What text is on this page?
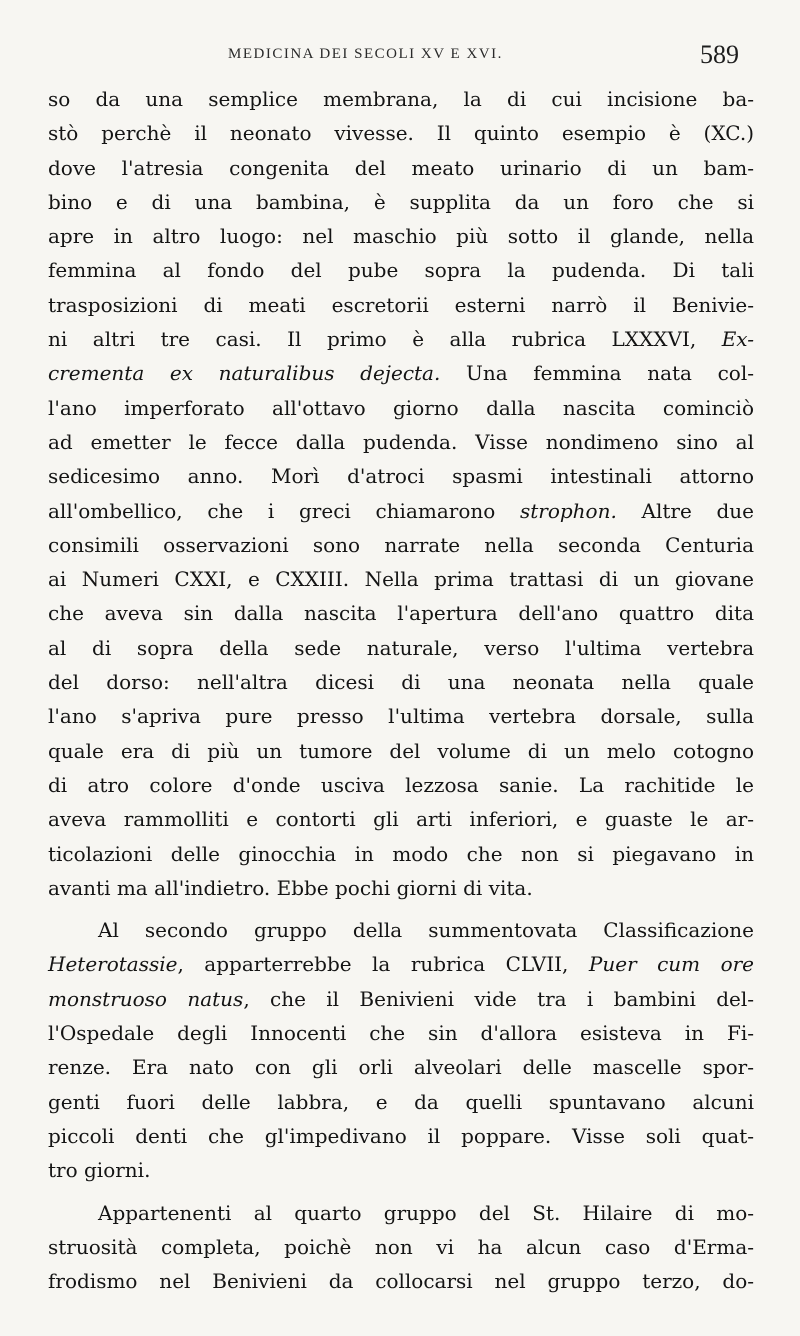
MEDICINA DEI SECOLI XV E XVI.	589
so da una semplice membrana, la di cui incisione ba-
stò perchè il neonato vivesse. Il quinto esempio è (XC.)
dove l'atresia congenita del meato urinario di un bam-
bino e di una bambina, è supplita da un foro che si
apre in altro luogo: nel maschio più sotto il glande, nella
femmina al fondo del pube sopra la pudenda. Di tali
trasposizioni di meati escretorii esterni narrò il Benivie-
ni altri tre casi. Il primo è alla rubrica LXXXVI, Ex-
crementa ex naturalibus dejecta. Una femmina nata col-
l'ano imperforato all'ottavo giorno dalla nascita cominciò
ad emetter le fecce dalla pudenda. Visse nondimeno sino al
sedicesimo anno. Morì d'atroci spasmi intestinali attorno
all'ombellico, che i greci chiamarono strophon. Altre due
consimili osservazioni sono narrate nella seconda Centuria
ai Numeri CXXI, e CXXIII. Nella prima trattasi di un giovane
che aveva sin dalla nascita l'apertura dell'ano quattro dita
al di sopra della sede naturale, verso l'ultima vertebra
del dorso: nell'altra dicesi di una neonata nella quale
l'ano s'apriva pure presso l'ultima vertebra dorsale, sulla
quale era di più un tumore del volume di un melo cotogno
di atro colore d'onde usciva lezzosa sanie. La rachitide le
aveva rammolliti e contorti gli arti inferiori, e guaste le ar-
ticolazioni delle ginocchia in modo che non si piegavano in
avanti ma all'indietro. Ebbe pochi giorni di vita.
Al secondo gruppo della summentovata Classificazione
Heterotassie, apparterrebbe la rubrica CLVII, Puer cum ore
monstruoso natus, che il Benivieni vide tra i bambini del-
l'Ospedale degli Innocenti che sin d'allora esisteva in Fi-
renze. Era nato con gli orli alveolari delle mascelle spor-
genti fuori delle labbra, e da quelli spuntavano alcuni
piccoli denti che gl'impedivano il poppare. Visse soli quat-
tro giorni.
Appartenenti al quarto gruppo del St. Hilaire di mo-
struosità completa, poichè non vi ha alcun caso d'Erma-
frodismo nel Benivieni da collocarsi nel gruppo terzo, do-
